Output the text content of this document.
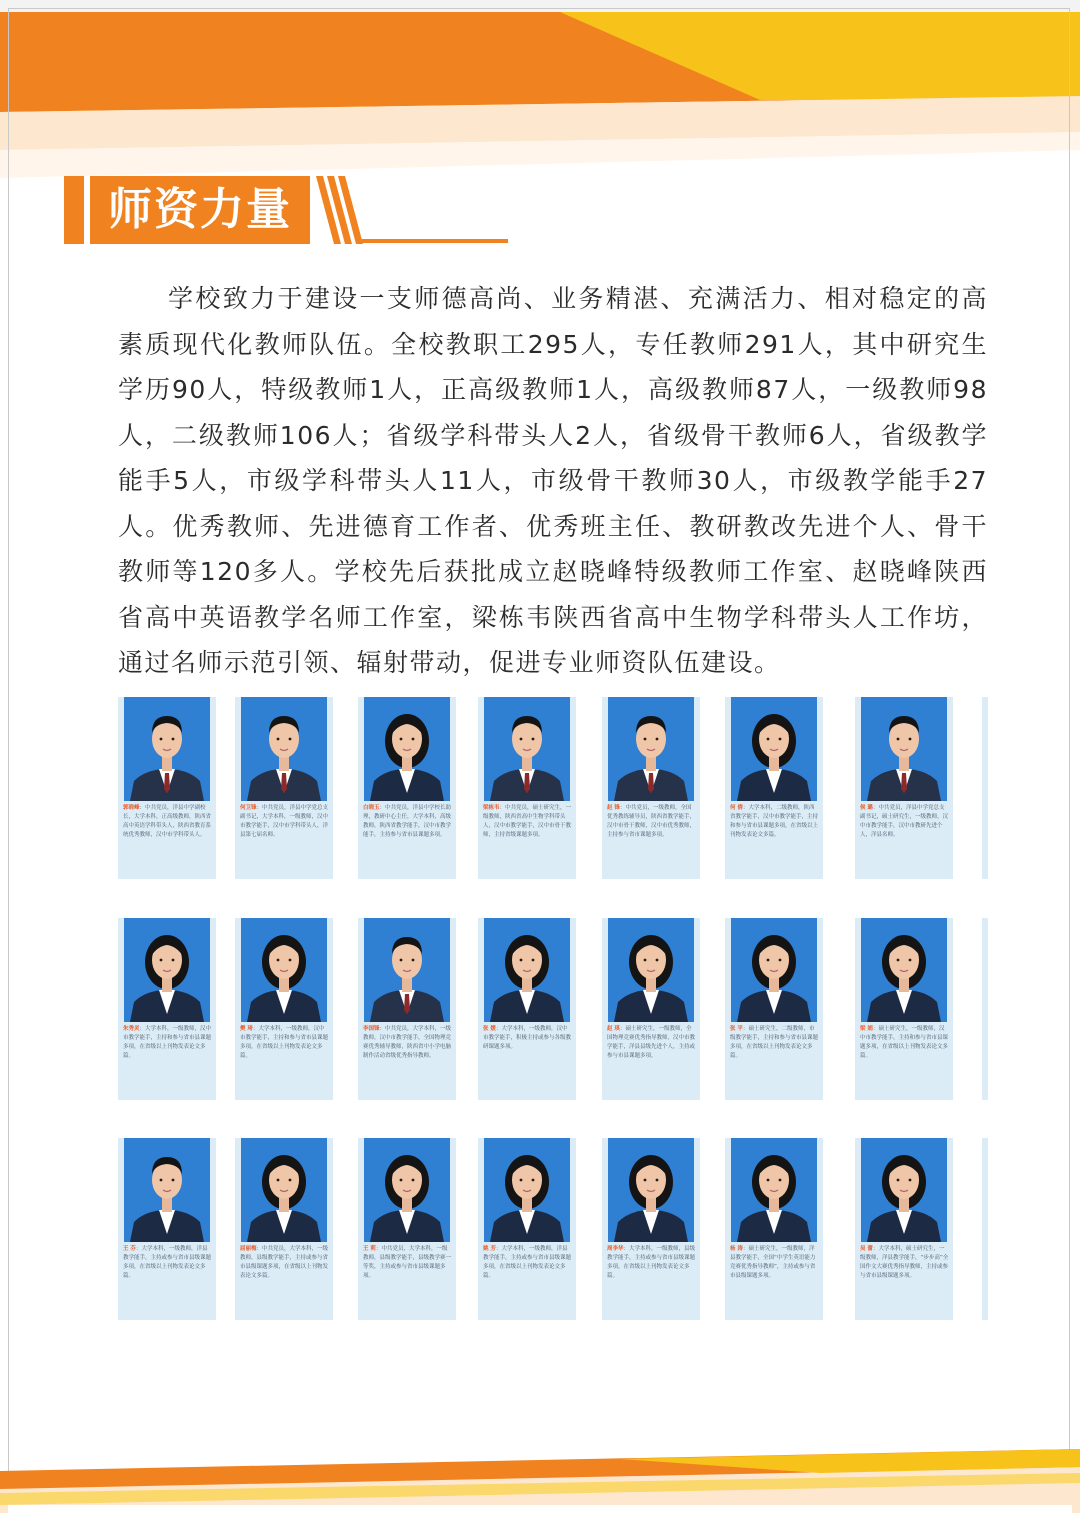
师资力量

学校致力于建设一支师德高尚、业务精湛、充满活力、相对稳定的高素质现代化教师队伍。全校教职工295人，专任教师291人，其中研究生学历90人，特级教师1人，正高级教师1人，高级教师87人，一级教师98人，二级教师106人；省级学科带头人2人，省级骨干教师6人，省级教学能手5人，市级学科带头人11人，市级骨干教师30人，市级教学能手27人。优秀教师、先进德育工作者、优秀班主任、教研教改先进个人、骨干教师等120多人。学校先后获批成立赵晓峰特级教师工作室、赵晓峰陕西省高中英语教学名师工作室，梁栋韦陕西省高中生物学科带头人工作坊，通过名师示范引领、辐射带动，促进专业师资队伍建设。

郭晓峰：中共党员，洋县中学副校长，大学本科，正高级教师，陕西省高中英语学科带头人，陕西省教育系统优秀教师，汉中市学科带头人。
何卫锋：中共党员，洋县中学党总支副书记，大学本科，一级教师，汉中市教学能手，汉中市学科带头人，洋县第七届名师。
白晓玉：中共党员，洋县中学校长助理，教研中心主任，大学本科，高级教师，陕西省教学能手，汉中市教学能手，主持参与省市县课题多项。
梁栋韦：中共党员，硕士研究生，一级教师，陕西省高中生物学科带头人，汉中市教学能手，汉中市骨干教师，主持省级课题多项。
赵 锋：中共党员，一级教师，全国优秀教练辅导员，陕西省教学能手，汉中市骨干教师，汉中市优秀教师，主持参与省市课题多项。
何 倩：大学本科，二级教师，陕西省教学能手，汉中市教学能手，主持和参与省市县课题多项，在省级以上刊物发表论文多篇。
侯 璐：中共党员，洋县中学党总支副书记，硕士研究生，一级教师，汉中市教学能手，汉中市教研先进个人，洋县名师。
朱秀灵：大学本科，一级教师，汉中市教学能手，主持和参与省市县课题多项，在省级以上刊物发表论文多篇。
樊 琦：大学本科，一级教师，汉中市教学能手，主持和参与省市县课题多项，在省级以上刊物发表论文多篇。
李国锋：中共党员，大学本科，一级教师，汉中市教学能手，全国物理竞赛优秀辅导教师，陕西省中小学电脑制作活动省级优秀指导教师。
张 媛：大学本科，一级教师，汉中市教学能手，积极主持或参与各级教研课题多项。
赵 琪：硕士研究生，一级教师，全国物理竞赛优秀指导教师，汉中市教学能手，洋县县级先进个人，主持或参与市县课题多项。
张 平：硕士研究生，二级教师，市级教学能手，主持和参与省市县课题多项，在省级以上刊物发表论文多篇。
梁 娟：硕士研究生，一级教师，汉中市教学能手，主持和参与省市县课题多项，在省级以上刊物发表论文多篇。
王 芬：大学本科，一级教师，洋县教学能手，主持或参与省市县级课题多项，在省级以上刊物发表论文多篇。
屈丽梅：中共党员，大学本科，一级教师，县级教学能手，主持或参与省市县级课题多项，在省级以上刊物发表论文多篇。
王 莉：中共党员，大学本科，一级教师，县级教学能手，县级教学赛一等奖，主持或参与省市县级课题多项。
姚 芳：大学本科，一级教师，洋县教学能手，主持或参与省市县级课题多项，在省级以上刊物发表论文多篇。
周李华：大学本科，一级教师，县级教学能手，主持或参与省市县级课题多项，在省级以上刊物发表论文多篇。
杨 涛：硕士研究生，一级教师，洋县教学能手，全国“中学生英语能力竞赛优秀指导教师”，主持或参与省市县级课题多项。
吴 蕾：大学本科，硕士研究生，一级教师，洋县教学能手，“步步高”全国作文大赛优秀指导教师，主持或参与省市县级课题多项。
